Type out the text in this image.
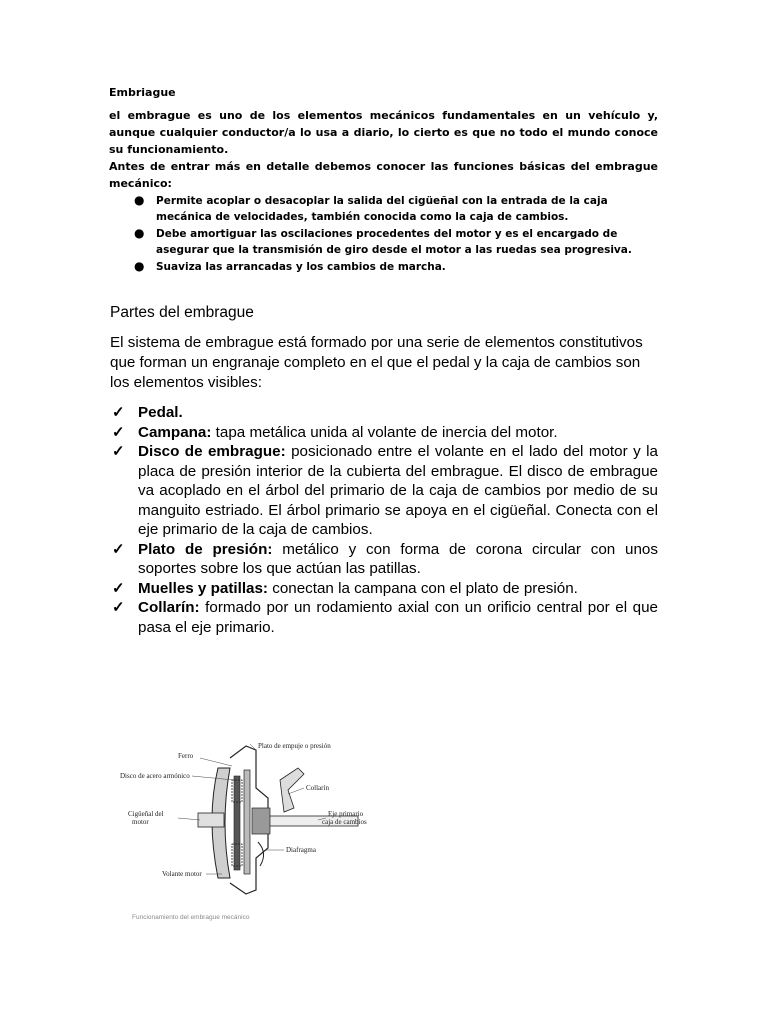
Embriague
el embrague es uno de los elementos mecánicos fundamentales en un vehículo y, aunque cualquier conductor/a lo usa a diario, lo cierto es que no todo el mundo conoce su funcionamiento.
Antes de entrar más en detalle debemos conocer las funciones básicas del embrague mecánico:
● Permite acoplar o desacoplar la salida del cigüeñal con la entrada de la caja mecánica de velocidades, también conocida como la caja de cambios.
● Debe amortiguar las oscilaciones procedentes del motor y es el encargado de asegurar que la transmisión de giro desde el motor a las ruedas sea progresiva.
● Suaviza las arrancadas y los cambios de marcha.
Partes del embrague

El sistema de embrague está formado por una serie de elementos constitutivos que forman un engranaje completo en el que el pedal y la caja de cambios son los elementos visibles:

✓ Pedal.
✓ Campana: tapa metálica unida al volante de inercia del motor.
✓ Disco de embrague: posicionado entre el volante en el lado del motor y la placa de presión interior de la cubierta del embrague. El disco de embrague va acoplado en el árbol del primario de la caja de cambios por medio de su manguito estriado. El árbol primario se apoya en el cigüeñal. Conecta con el eje primario de la caja de cambios.
✓ Plato de presión: metálico y con forma de corona circular con unos soportes sobre los que actúan las patillas.
✓ Muelles y patillas: conectan la campana con el plato de presión.
✓ Collarín: formado por un rodamiento axial con un orificio central por el que pasa el eje primario.
Ferro
Plato de empuje o presión
Disco de acero armónico
Collarín
Cigüeñal del
motor
Eje primario
caja de cambios
Diafragma
Volante motor
Funcionamiento del embrague mecánico
